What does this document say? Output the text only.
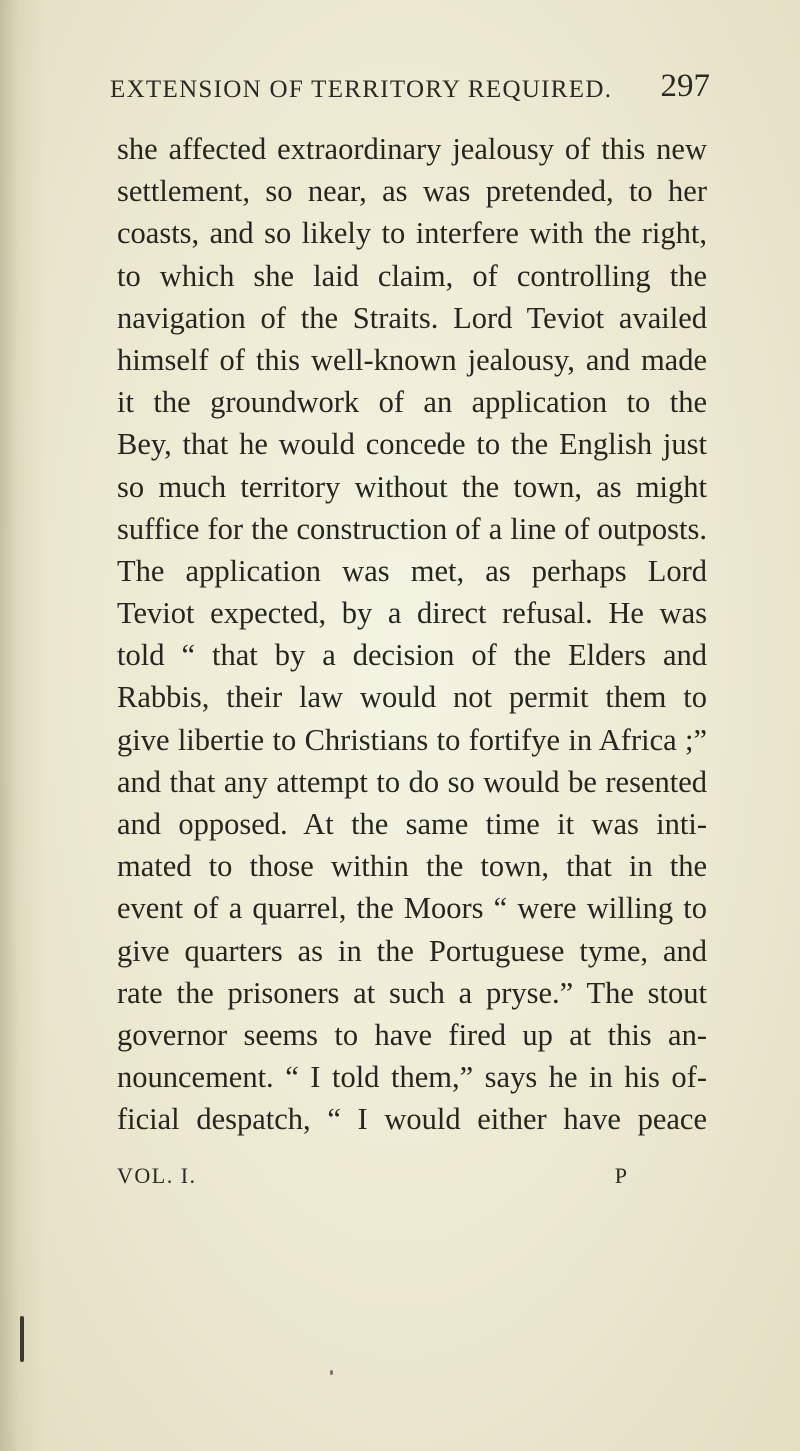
EXTENSION OF TERRITORY REQUIRED. 297
she affected extraordinary jealousy of this new
settlement, so near, as was pretended, to her
coasts, and so likely to interfere with the right,
to which she laid claim, of controlling the
navigation of the Straits. Lord Teviot availed
himself of this well-known jealousy, and made
it the groundwork of an application to the
Bey, that he would concede to the English just
so much territory without the town, as might
suffice for the construction of a line of outposts.
The application was met, as perhaps Lord
Teviot expected, by a direct refusal. He was
told “ that by a decision of the Elders and
Rabbis, their law would not permit them to
give libertie to Christians to fortifye in Africa ;”
and that any attempt to do so would be resented
and opposed. At the same time it was inti-
mated to those within the town, that in the
event of a quarrel, the Moors “ were willing to
give quarters as in the Portuguese tyme, and
rate the prisoners at such a pryse.” The stout
governor seems to have fired up at this an-
nouncement. “ I told them,” says he in his of-
ficial despatch, “ I would either have peace
VOL. I.	P
